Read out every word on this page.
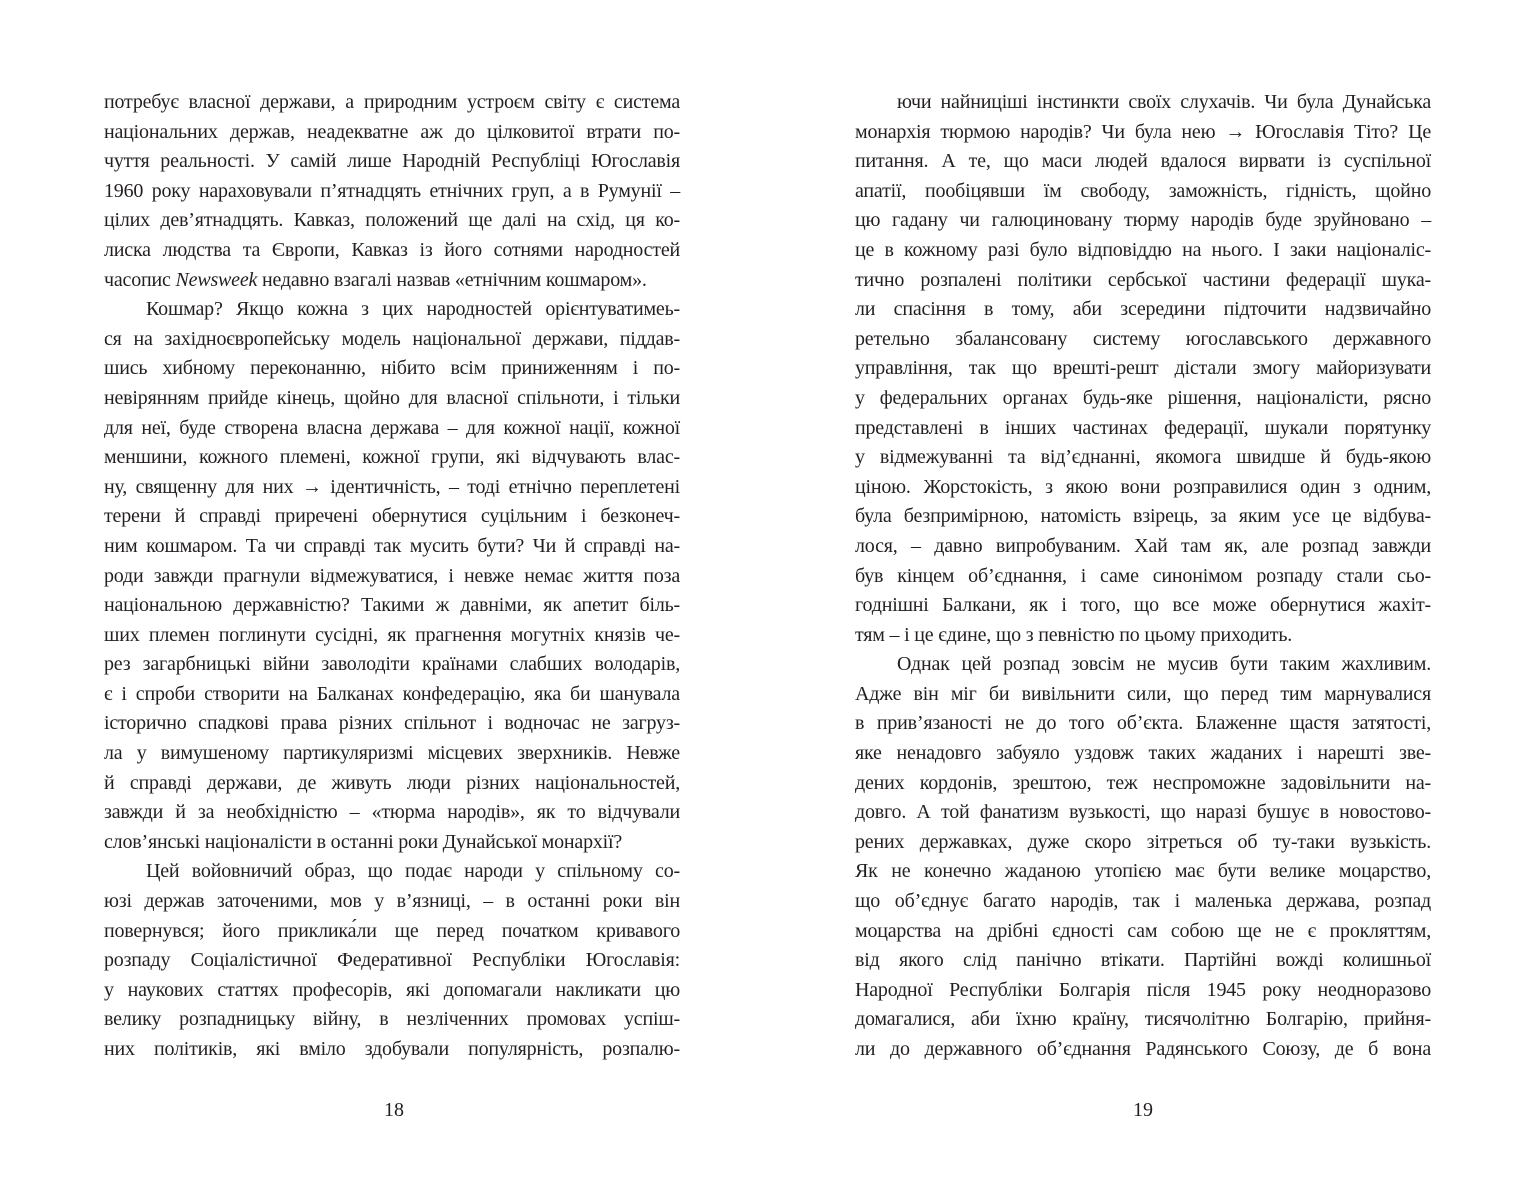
потребує власної держави, а природним устроєм світу є система
національних держав, неадекватне аж до цілковитої втрати по-
чуття реальності. У самій лише Народній Республіці Югославія
1960 року нараховували п’ятнадцять етнічних груп, а в Румунії –
цілих дев’ятнадцять. Кавказ, положений ще далі на схід, ця ко-
лиска людства та Європи, Кавказ із його сотнями народностей
часопис Newsweek недавно взагалі назвав «етнічним кошмаром».
Кошмар? Якщо кожна з цих народностей орієнтуватимеь-
ся на західноєвропейську модель національної держави, піддав-
шись хибному переконанню, нібито всім приниженням і по-
невірянням прийде кінець, щойно для власної спільноти, і тільки
для неї, буде створена власна держава – для кожної нації, кожної
меншини, кожного племені, кожної групи, які відчувають влас-
ну, священну для них → ідентичність, – тоді етнічно переплетені
терени й справді приречені обернутися суцільним і безконеч-
ним кошмаром. Та чи справді так мусить бути? Чи й справді на-
роди завжди прагнули відмежуватися, і невже немає життя поза
національною державністю? Такими ж давніми, як апетит біль-
ших племен поглинути сусідні, як прагнення могутніх князів че-
рез загарбницькі війни заволодіти країнами слабших володарів,
є і спроби створити на Балканах конфедерацію, яка би шанувала
історично спадкові права різних спільнот і водночас не загруз-
ла у вимушеному партикуляризмі місцевих зверхників. Невже
й справді держави, де живуть люди різних національностей,
завжди й за необхідністю – «тюрма народів», як то відчували
слов’янські націоналісти в останні роки Дунайської монархії?
Цей войовничий образ, що подає народи у спільному со-
юзі держав заточеними, мов у в’язниці, – в останні роки він
повернувся; його приклика́ли ще перед початком кривавого
розпаду Соціалістичної Федеративної Республіки Югославія:
у наукових статтях професорів, які допомагали накликати цю
велику розпадницьку війну, в незліченних промовах успіш-
них політиків, які вміло здобували популярність, розпалю-
18
ючи найниціші інстинкти своїх слухачів. Чи була Дунайська
монархія тюрмою народів? Чи була нею → Югославія Тіто? Це
питання. А те, що маси людей вдалося вирвати із суспільної
апатії, пообіцявши їм свободу, заможність, гідність, щойно
цю гадану чи галюциновану тюрму народів буде зруйновано –
це в кожному разі було відповіддю на нього. І заки націоналіс-
тично розпалені політики сербської частини федерації шука-
ли спасіння в тому, аби зсередини підточити надзвичайно
ретельно збалансовану систему югославського державного
управління, так що врешті-решт дістали змогу майоризувати
у федеральних органах будь-яке рішення, націоналісти, рясно
представлені в інших частинах федерації, шукали порятунку
у відмежуванні та від’єднанні, якомога швидше й будь-якою
ціною. Жорстокість, з якою вони розправилися один з одним,
була безпримірною, натомість взірець, за яким усе це відбува-
лося, – давно випробуваним. Хай там як, але розпад завжди
був кінцем об’єднання, і саме синонімом розпаду стали сьо-
годнішні Балкани, як і того, що все може обернутися жахіт-
тям – і це єдине, що з певністю по цьому приходить.
Однак цей розпад зовсім не мусив бути таким жахливим.
Адже він міг би вивільнити сили, що перед тим марнувалися
в прив’язаності не до того об’єкта. Блаженне щастя затятості,
яке ненадовго забуяло уздовж таких жаданих і нарешті зве-
дених кордонів, зрештою, теж неспроможне задовільнити на-
довго. А той фанатизм вузькості, що наразі бушує в новостово-
рених державках, дуже скоро зітреться об ту-таки вузькість.
Як не конечно жаданою утопією має бути велике моцарство,
що об’єднує багато народів, так і маленька держава, розпад
моцарства на дрібні єдності сам собою ще не є прокляттям,
від якого слід панічно втікати. Партійні вожді колишньої
Народної Республіки Болгарія після 1945 року неодноразово
домагалися, аби їхню країну, тисячолітню Болгарію, прийня-
ли до державного об’єднання Радянського Союзу, де б вона
19
